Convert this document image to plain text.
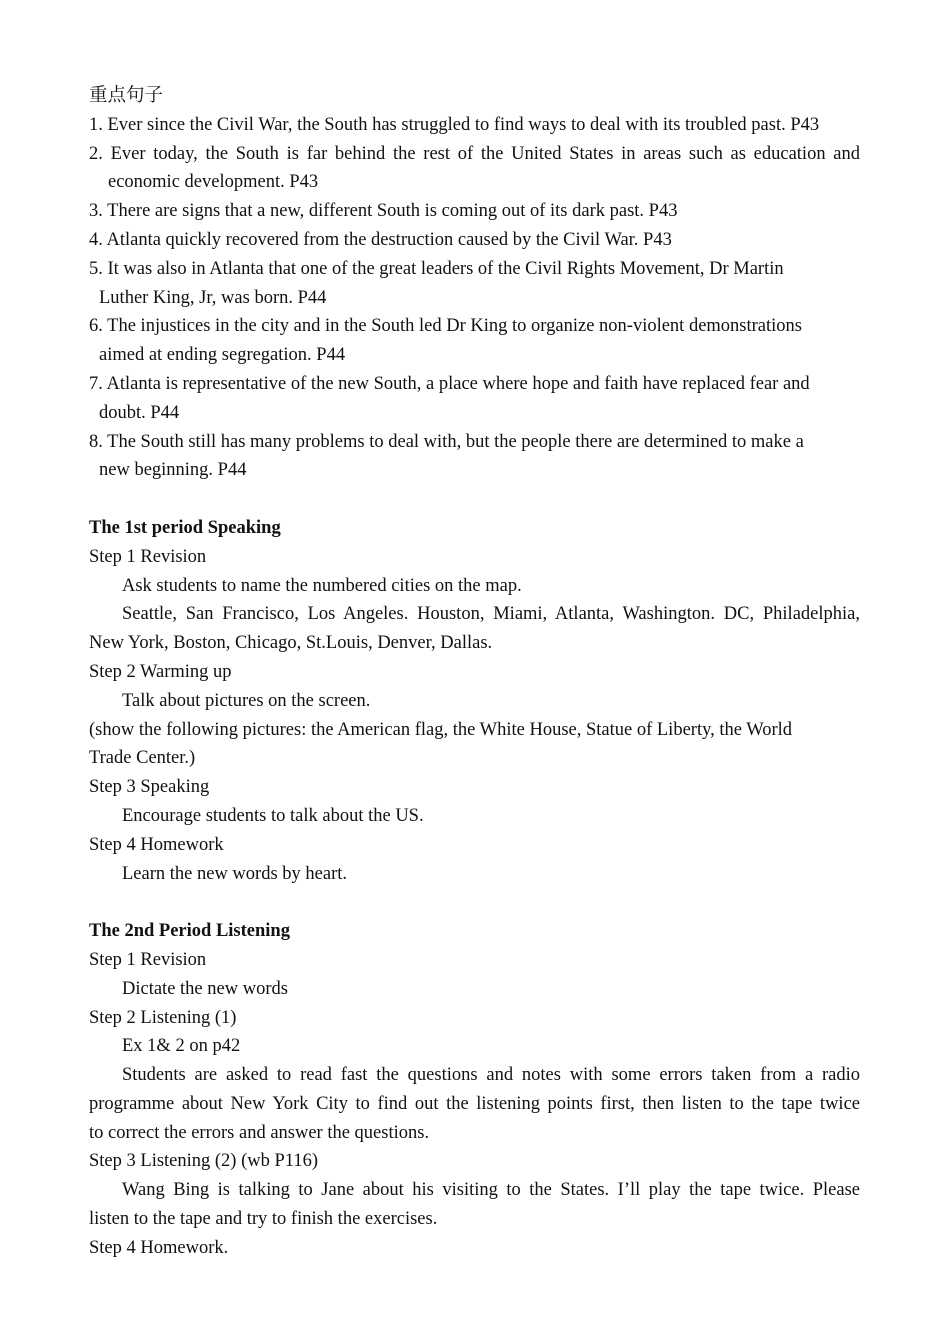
重点句子
1. Ever since the Civil War, the South has struggled to find ways to deal with its troubled past. P43
2. Ever today, the South is far behind the rest of the United States in areas such as education and
economic development. P43
3. There are signs that a new, different South is coming out of its dark past. P43
4. Atlanta quickly recovered from the destruction caused by the Civil War. P43
5. It was also in Atlanta that one of the great leaders of the Civil Rights Movement, Dr Martin
Luther King, Jr, was born. P44
6. The injustices in the city and in the South led Dr King to organize non-violent demonstrations
aimed at ending segregation. P44
7. Atlanta is representative of the new South, a place where hope and faith have replaced fear and
doubt. P44
8. The South still has many problems to deal with, but the people there are determined to make a
new beginning. P44
The 1st period Speaking
Step 1 Revision
Ask students to name the numbered cities on the map.
Seattle, San Francisco, Los Angeles. Houston, Miami, Atlanta, Washington. DC, Philadelphia,
New York, Boston, Chicago, St.Louis, Denver, Dallas.
Step 2 Warming up
Talk about pictures on the screen.
(show the following pictures: the American flag, the White House, Statue of Liberty, the World
Trade Center.)
Step 3 Speaking
Encourage students to talk about the US.
Step 4 Homework
Learn the new words by heart.
The 2nd Period Listening
Step 1 Revision
Dictate the new words
Step 2 Listening (1)
Ex 1& 2 on p42
Students are asked to read fast the questions and notes with some errors taken from a radio
programme about New York City to find out the listening points first, then listen to the tape twice
to correct the errors and answer the questions.
Step 3 Listening (2) (wb P116)
Wang Bing is talking to Jane about his visiting to the States. I’ll play the tape twice. Please
listen to the tape and try to finish the exercises.
Step 4 Homework.
